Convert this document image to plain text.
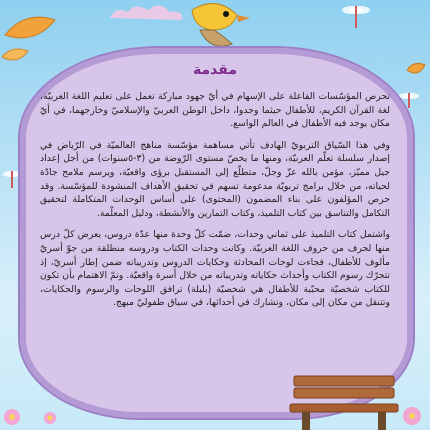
مقدمة

تحرص المؤسّسات الفاعلة على الإسهام في أيّ جهود مباركة تعمل على تعليم اللغة العربيّة، لغة القرآن الكريم، للأطفال حيثما وجدوا، داخل الوطن العربيّ والإسلاميّ وخارجهما، في أيّ مكان يوجد فيه الأطفال في العالم الواسع.

وفي هذا السّياق التربويّ الهادف تأتي مساهمة مؤسّسة مناهج العالميّة في الرّياض في إصدار سلسلة تعلّم العربيّة، ومنها ما يخصّ مستوى الرّوضة من (٣-٥سنوات) من أجل إعداد جيل مميّز، مؤمن بالله عزّ وجلّ، متطلّع إلى المستقبل برؤى واقعيّة، ويرسم ملامح جادّة لحياته، من خلال برامج تربويّة مدعومة تسهم في تحقيق الأهداف المنشودة للمؤسّسة. وقد حرص المؤلفون على بناء المضمون (المحتوى) على أساس الوحدات المتكاملة لتحقيق التكامل والتناسق بين كتاب التلميذ، وكتاب التمارين والأنشطة، ودليل المعلّمة.

واشتمل كتاب التلميذ على ثماني وحدات، ضمّت كلّ وحدة منها عدّة دروس، يعرض كلّ درس منها لحرف من حروف اللغة العربيّة. وكانت وحدات الكتاب ودروسه منطلقة من جوّ أسريّ مألوف للأطفال، فجاءت لوحات المحادثة وحكايات الدروس وتدريباته ضمن إطار أسريّ، إذ تتحرّك رسوم الكتاب وأحداث حكاياته وتدريباته من خلال أسرة واقعيّة. وتمّ الاهتمام بأن تكون للكتاب شخصيّة محبّبة للأطفال هي شخصيّة (بلبلة) ترافق اللوحات والرسوم والحكايات، وتتنقل من مكان إلى مكان، وتشارك في أحداثها، في سياق طفوليّ مبهج.
